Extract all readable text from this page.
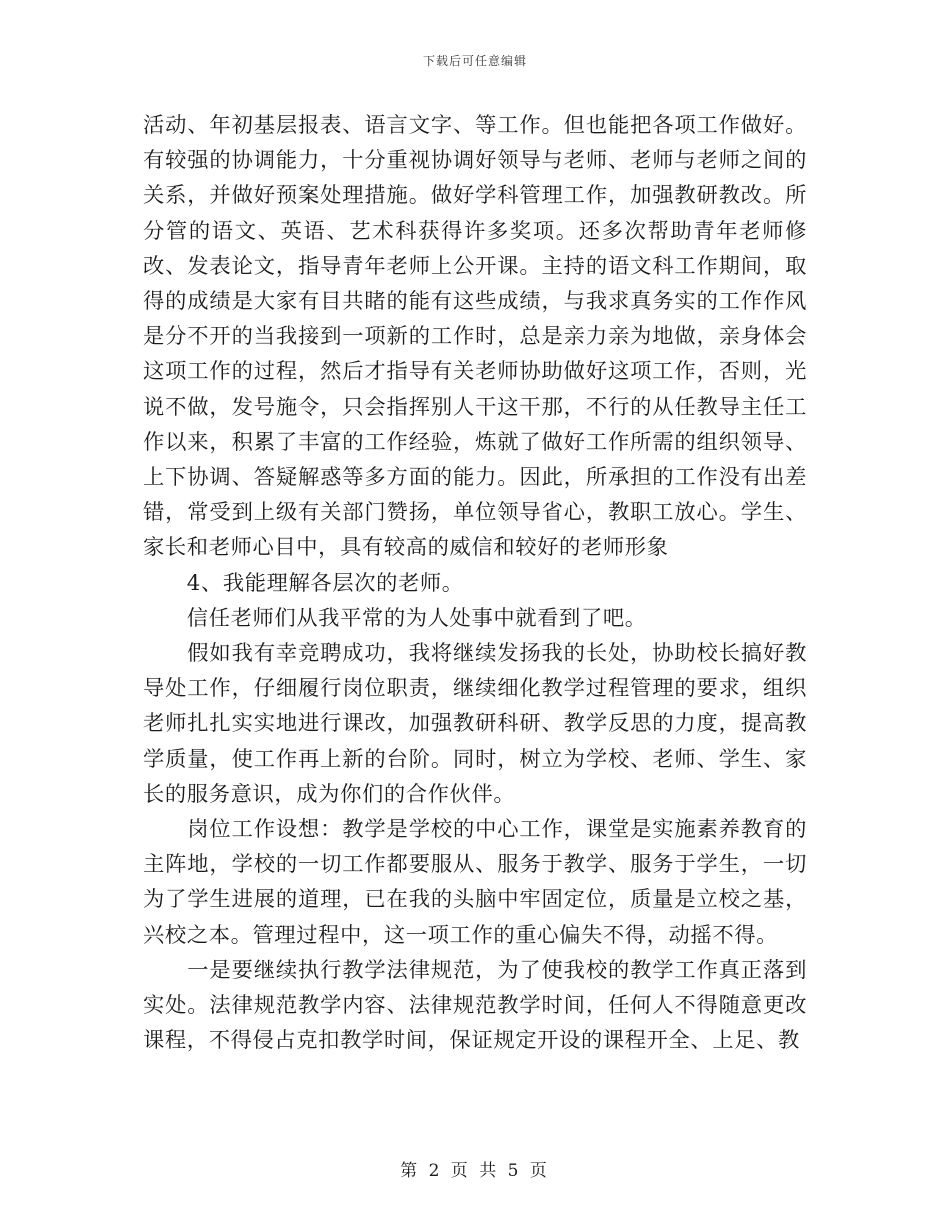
下载后可任意编辑

活动、年初基层报表、语言文字、等工作。但也能把各项工作做好。有较强的协调能力，十分重视协调好领导与老师、老师与老师之间的关系，并做好预案处理措施。做好学科管理工作，加强教研教改。所分管的语文、英语、艺术科获得许多奖项。还多次帮助青年老师修改、发表论文，指导青年老师上公开课。主持的语文科工作期间，取得的成绩是大家有目共睹的能有这些成绩，与我求真务实的工作作风是分不开的当我接到一项新的工作时，总是亲力亲为地做，亲身体会这项工作的过程，然后才指导有关老师协助做好这项工作，否则，光说不做，发号施令，只会指挥别人干这干那，不行的从任教导主任工作以来，积累了丰富的工作经验，炼就了做好工作所需的组织领导、上下协调、答疑解惑等多方面的能力。因此，所承担的工作没有出差错，常受到上级有关部门赞扬，单位领导省心，教职工放心。学生、家长和老师心目中，具有较高的威信和较好的老师形象

　　4、我能理解各层次的老师。

　　信任老师们从我平常的为人处事中就看到了吧。

　　假如我有幸竞聘成功，我将继续发扬我的长处，协助校长搞好教导处工作，仔细履行岗位职责，继续细化教学过程管理的要求，组织老师扎扎实实地进行课改，加强教研科研、教学反思的力度，提高教学质量，使工作再上新的台阶。同时，树立为学校、老师、学生、家长的服务意识，成为你们的合作伙伴。

　　岗位工作设想：教学是学校的中心工作，课堂是实施素养教育的主阵地，学校的一切工作都要服从、服务于教学、服务于学生，一切为了学生进展的道理，已在我的头脑中牢固定位，质量是立校之基，兴校之本。管理过程中，这一项工作的重心偏失不得，动摇不得。

　　一是要继续执行教学法律规范，为了使我校的教学工作真正落到实处。法律规范教学内容、法律规范教学时间，任何人不得随意更改课程，不得侵占克扣教学时间，保证规定开设的课程开全、上足、教

第 2 页 共 5 页
